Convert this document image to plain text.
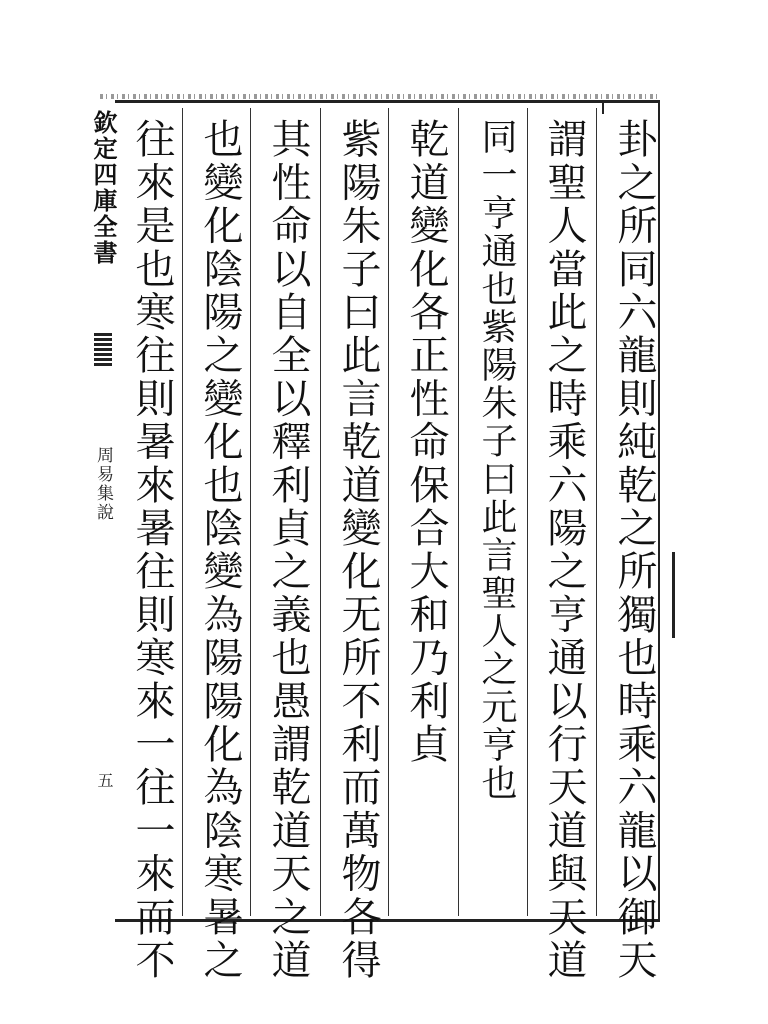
欽定四庫全書
周易集說
五	卦之所同六龍則純乾之所獨也時乘六龍以御天
謂聖人當此之時乘六陽之亨通以行天道與天道
同一亨通也紫陽朱子曰此言聖人之元亨也
乾道變化各正性命保合大和乃利貞
紫陽朱子曰此言乾道變化无所不利而萬物各得
其性命以自全以釋利貞之義也愚謂乾道天之道
也變化陰陽之變化也陰變為陽陽化為陰寒暑之
往來是也寒往則暑來暑往則寒來一往一來而不
